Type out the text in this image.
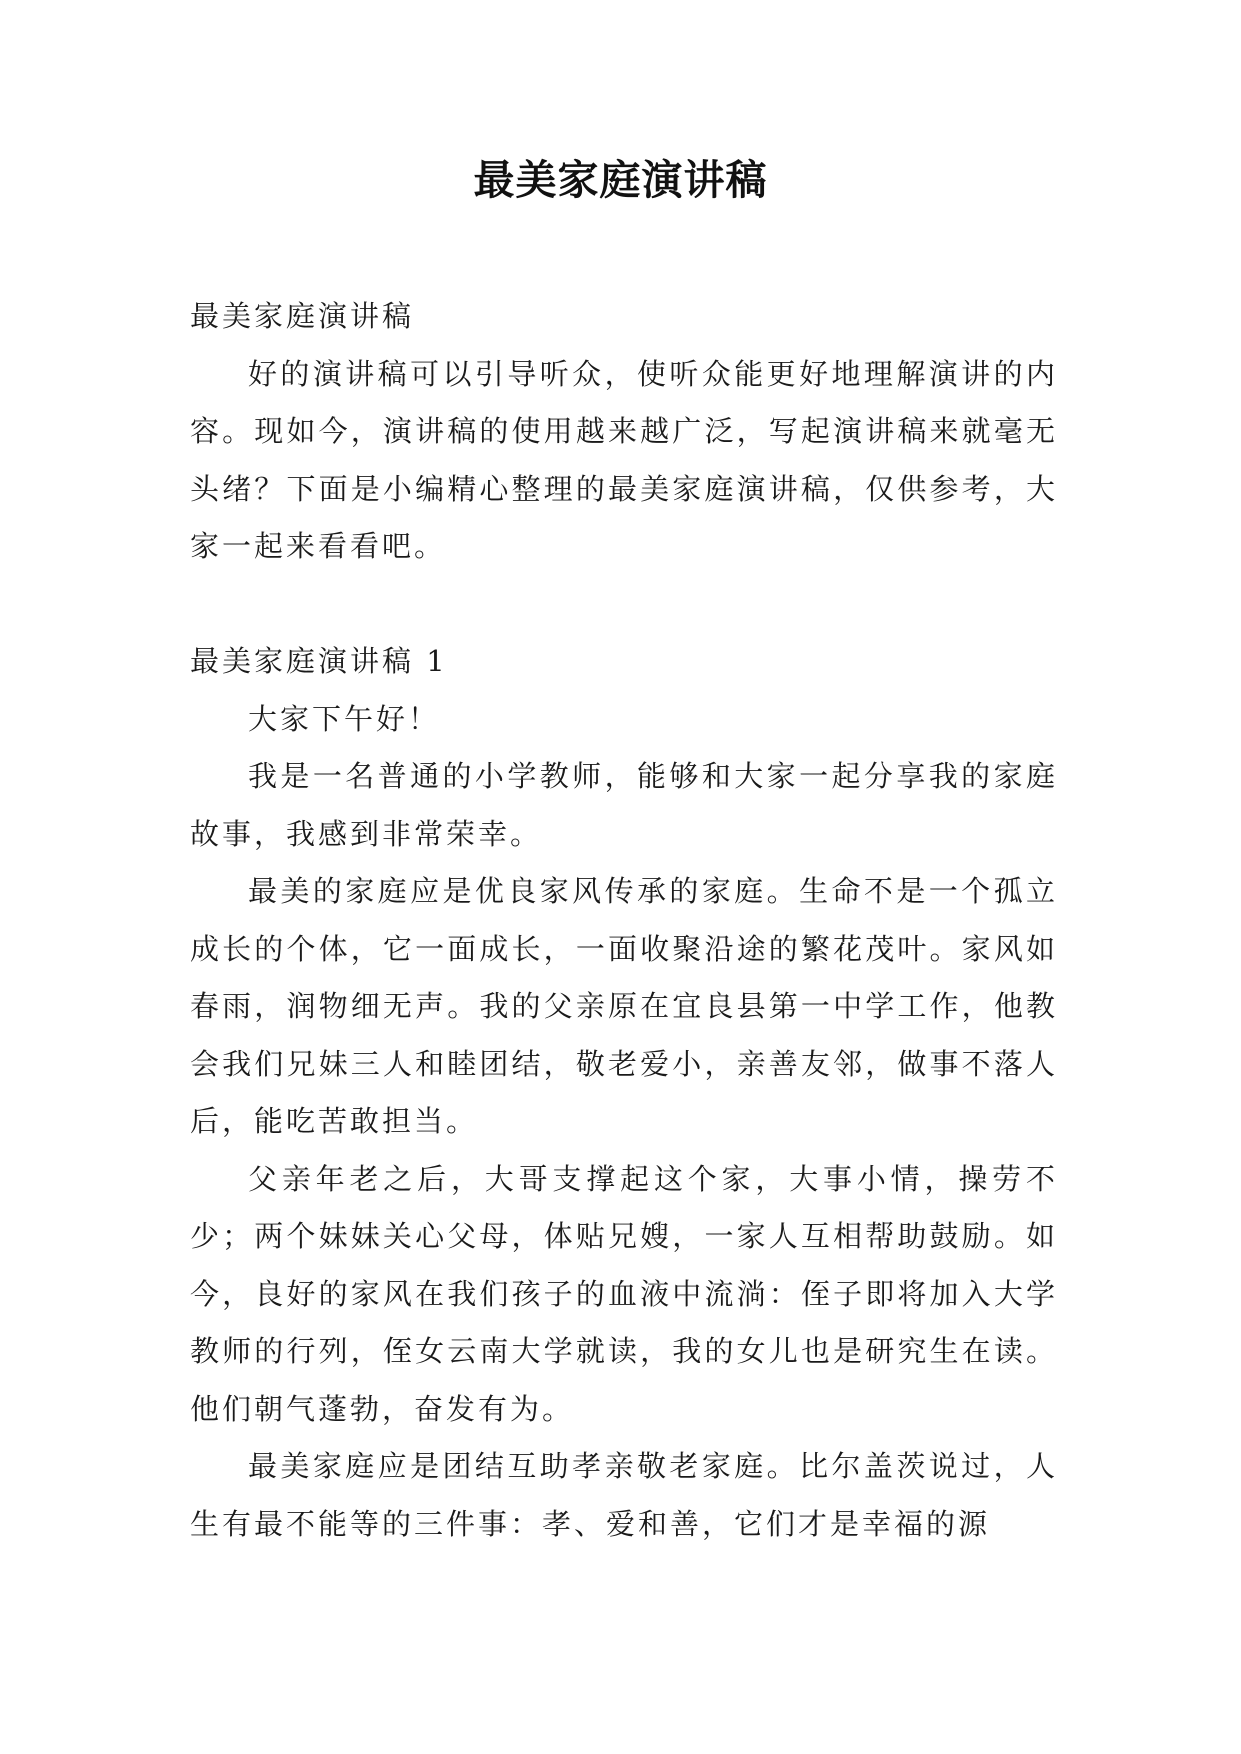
最美家庭演讲稿

最美家庭演讲稿

好的演讲稿可以引导听众，使听众能更好地理解演讲的内容。现如今，演讲稿的使用越来越广泛，写起演讲稿来就毫无头绪？下面是小编精心整理的最美家庭演讲稿，仅供参考，大家一起来看看吧。

最美家庭演讲稿 1

大家下午好！

我是一名普通的小学教师，能够和大家一起分享我的家庭故事，我感到非常荣幸。

最美的家庭应是优良家风传承的家庭。生命不是一个孤立成长的个体，它一面成长，一面收聚沿途的繁花茂叶。家风如春雨，润物细无声。我的父亲原在宜良县第一中学工作，他教会我们兄妹三人和睦团结，敬老爱小，亲善友邻，做事不落人后，能吃苦敢担当。

父亲年老之后，大哥支撑起这个家，大事小情，操劳不少；两个妹妹关心父母，体贴兄嫂，一家人互相帮助鼓励。如今，良好的家风在我们孩子的血液中流淌：侄子即将加入大学教师的行列，侄女云南大学就读，我的女儿也是研究生在读。他们朝气蓬勃，奋发有为。

最美家庭应是团结互助孝亲敬老家庭。比尔盖茨说过，人生有最不能等的三件事：孝、爱和善，它们才是幸福的源
